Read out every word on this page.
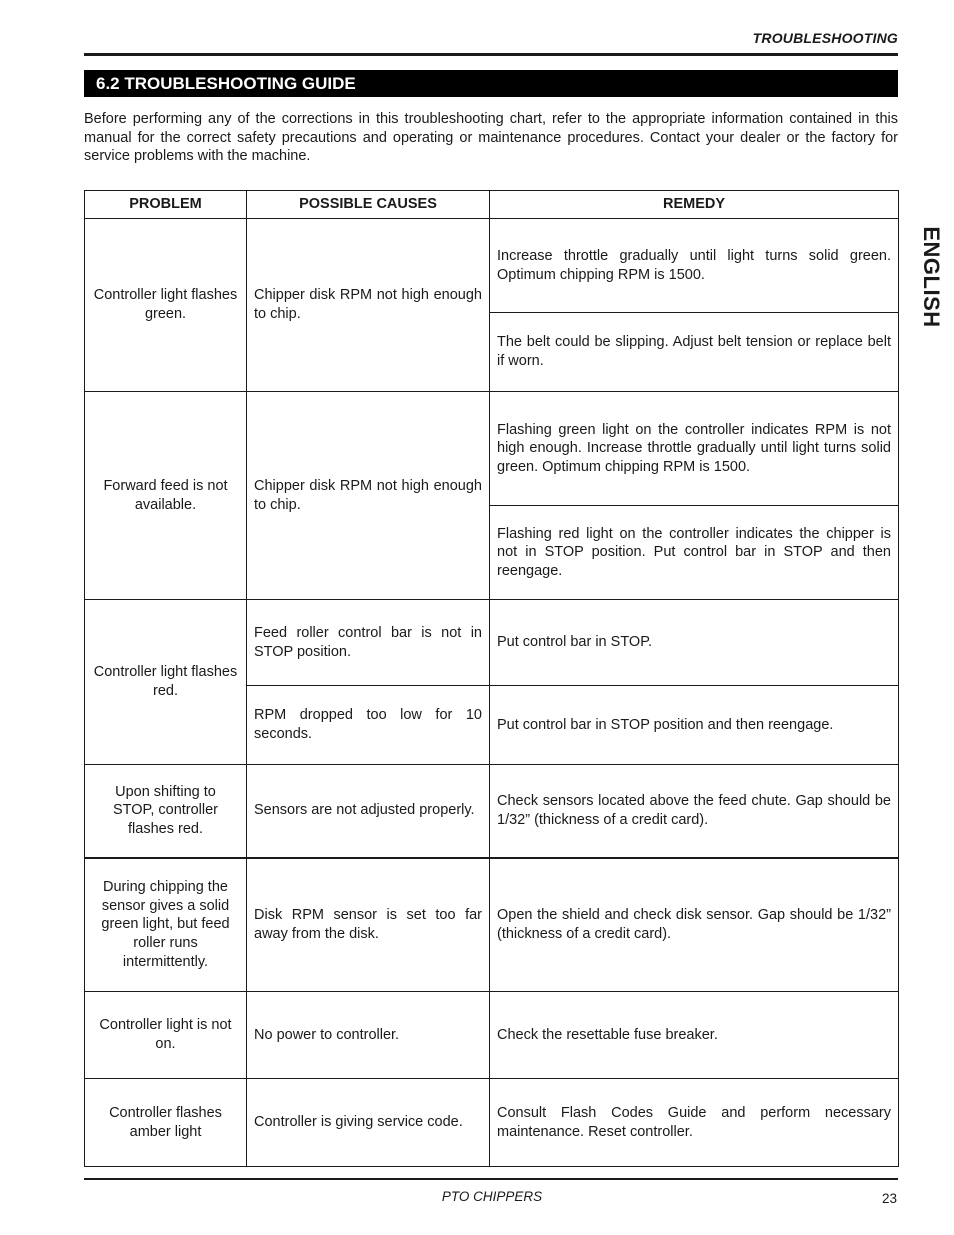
TROUBLESHOOTING
6.2 TROUBLESHOOTING GUIDE

Before performing any of the corrections in this troubleshooting chart, refer to the appropriate information contained in this manual for the correct safety precautions and operating or maintenance procedures. Contact your dealer or the factory for service problems with the machine.

PROBLEM	POSSIBLE CAUSES	REMEDY
Controller light flashes green.	Chipper disk RPM not high enough to chip.	Increase throttle gradually until light turns solid green. Optimum chipping RPM is 1500.
		The belt could be slipping. Adjust belt tension or replace belt if worn.
Forward feed is not available.	Chipper disk RPM not high enough to chip.	Flashing green light on the controller indicates RPM is not high enough. Increase throttle gradually until light turns solid green. Optimum chipping RPM is 1500.
		Flashing red light on the controller indicates the chipper is not in STOP position. Put control bar in STOP and then reengage.
Controller light flashes red.	Feed roller control bar is not in STOP position.	Put control bar in STOP.
	RPM dropped too low for 10 seconds.	Put control bar in STOP position and then reengage.
Upon shifting to STOP, controller flashes red.	Sensors are not adjusted properly.	Check sensors located above the feed chute. Gap should be 1/32” (thickness of a credit card).
During chipping the sensor gives a solid green light, but feed roller runs intermittently.	Disk RPM sensor is set too far away from the disk.	Open the shield and check disk sensor. Gap should be 1/32” (thickness of a credit card).
Controller light is not on.	No power to controller.	Check the resettable fuse breaker.
Controller flashes amber light	Controller is giving service code.	Consult Flash Codes Guide and perform necessary maintenance. Reset controller.
ENGLISH
PTO CHIPPERS	23
